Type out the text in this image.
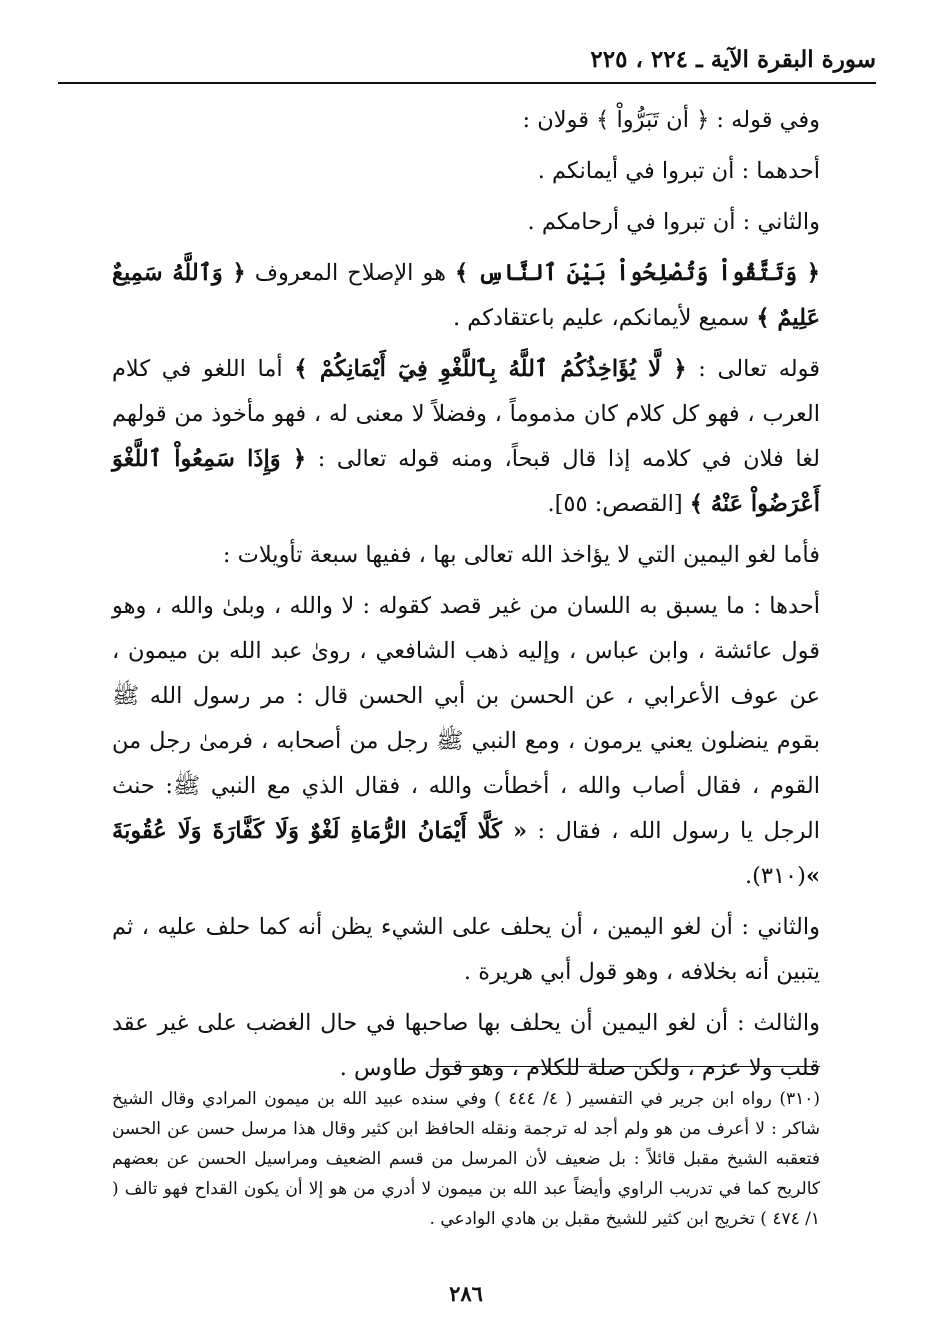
سورة البقرة الآية ـ ٢٢٤ ، ٢٢٥

وفي قوله : ﴿ أن تَبَرُّواْ ﴾ قولان :

أحدهما : أن تبروا في أيمانكم .

والثاني : أن تبروا في أرحامكم .

﴿ وَتَتَّقُواْ وَتُصْلِحُواْ بَيْنَ ٱلنَّاسِ ﴾ هو الإصلاح المعروف ﴿ وَٱللَّهُ سَمِيعٌ عَلِيمٌ ﴾ سميع لأيمانكم، عليم باعتقادكم .

قوله تعالى : ﴿ لَّا يُؤَاخِذُكُمُ ٱللَّهُ بِٱللَّغْوِ فِيٓ أَيْمَانِكُمْ ﴾ أما اللغو في كلام العرب ، فهو كل كلام كان مذموماً ، وفضلاً لا معنى له ، فهو مأخوذ من قولهم لغا فلان في كلامه إذا قال قبحاً، ومنه قوله تعالى : ﴿ وَإِذَا سَمِعُواْ ٱللَّغْوَ أَعْرَضُواْ عَنْهُ ﴾ [القصص: ٥٥].

فأما لغو اليمين التي لا يؤاخذ الله تعالى بها ، ففيها سبعة تأويلات :

أحدها : ما يسبق به اللسان من غير قصد كقوله : لا والله ، وبلىٰ والله ، وهو قول عائشة ، وابن عباس ، وإليه ذهب الشافعي ، روىٰ عبد الله بن ميمون ، عن عوف الأعرابي ، عن الحسن بن أبي الحسن قال : مر رسول الله ﷺ بقوم ينضلون يعني يرمون ، ومع النبي ﷺ رجل من أصحابه ، فرمىٰ رجل من القوم ، فقال أصاب والله ، أخطأت والله ، فقال الذي مع النبي ﷺ: حنث الرجل يا رسول الله ، فقال : « كَلَّا أَيْمَانُ الرُّمَاةِ لَغْوٌ وَلَا كَفَّارَةَ وَلَا عُقُوبَةَ »(٣١٠).

والثاني : أن لغو اليمين ، أن يحلف على الشيء يظن أنه كما حلف عليه ، ثم يتبين أنه بخلافه ، وهو قول أبي هريرة .

والثالث : أن لغو اليمين أن يحلف بها صاحبها في حال الغضب على غير عقد قلب ولا عزم ، ولكن صلة للكلام ، وهو قول طاوس .

(٣١٠) رواه ابن جرير في التفسير ( ٤/ ٤٤٤ ) وفي سنده عبيد الله بن ميمون المرادي وقال الشيخ شاكر : لا أعرف من هو ولم أجد له ترجمة ونقله الحافظ ابن كثير وقال هذا مرسل حسن عن الحسن فتعقبه الشيخ مقبل قائلاً : بل ضعيف لأن المرسل من قسم الضعيف ومراسيل الحسن عن بعضهم كالريح كما في تدريب الراوي وأيضاً عبد الله بن ميمون لا أدري من هو إلا أن يكون القداح فهو تالف ( ١/ ٤٧٤ ) تخريج ابن كثير للشيخ مقبل بن هادي الوادعي .
٢٨٦
